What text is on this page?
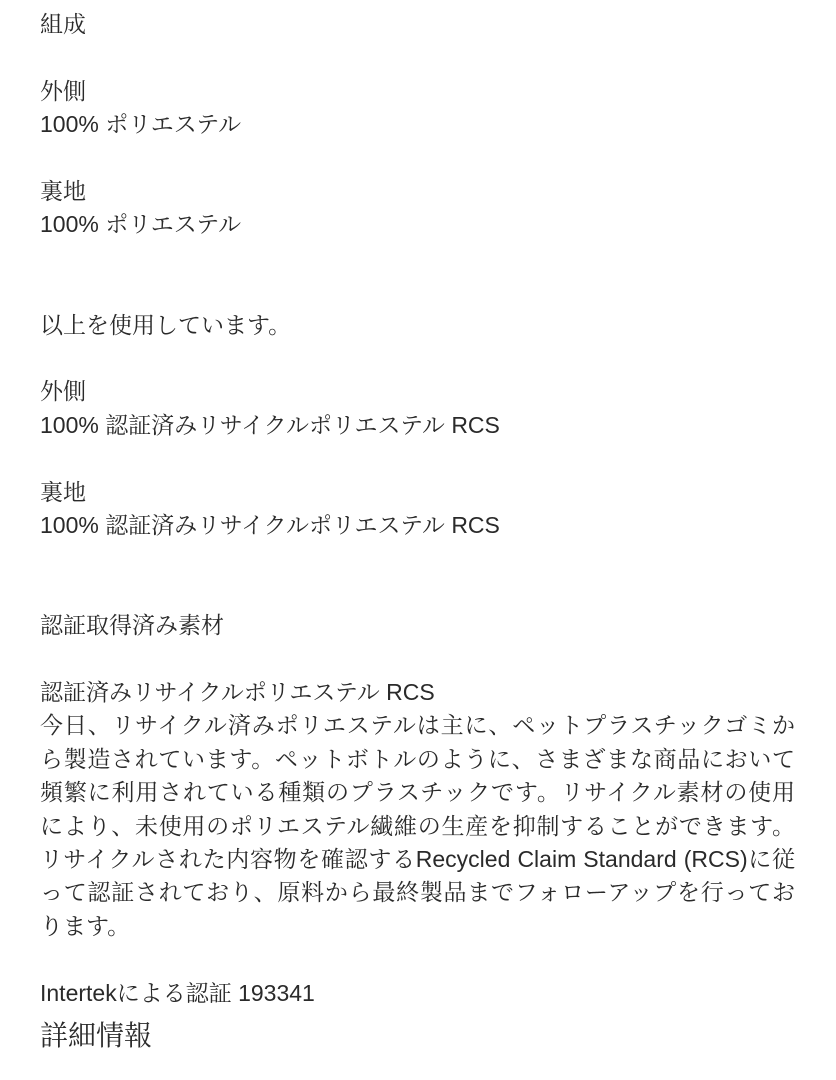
組成
外側
100% ポリエステル
裏地
100% ポリエステル
以上を使用しています。
外側
100% 認証済みリサイクルポリエステル RCS
裏地
100% 認証済みリサイクルポリエステル RCS
認証取得済み素材
認証済みリサイクルポリエステル RCS
今日、リサイクル済みポリエステルは主に、ペットプラスチックゴミか
ら製造されています。ペットボトルのように、さまざまな商品において
頻繁に利用されている種類のプラスチックです。リサイクル素材の使用
により、未使用のポリエステル繊維の生産を抑制することができます。
リサイクルされた内容物を確認するRecycled Claim Standard (RCS)に従
って認証されており、原料から最終製品までフォローアップを行ってお
ります。
Intertekによる認証 193341
詳細情報
